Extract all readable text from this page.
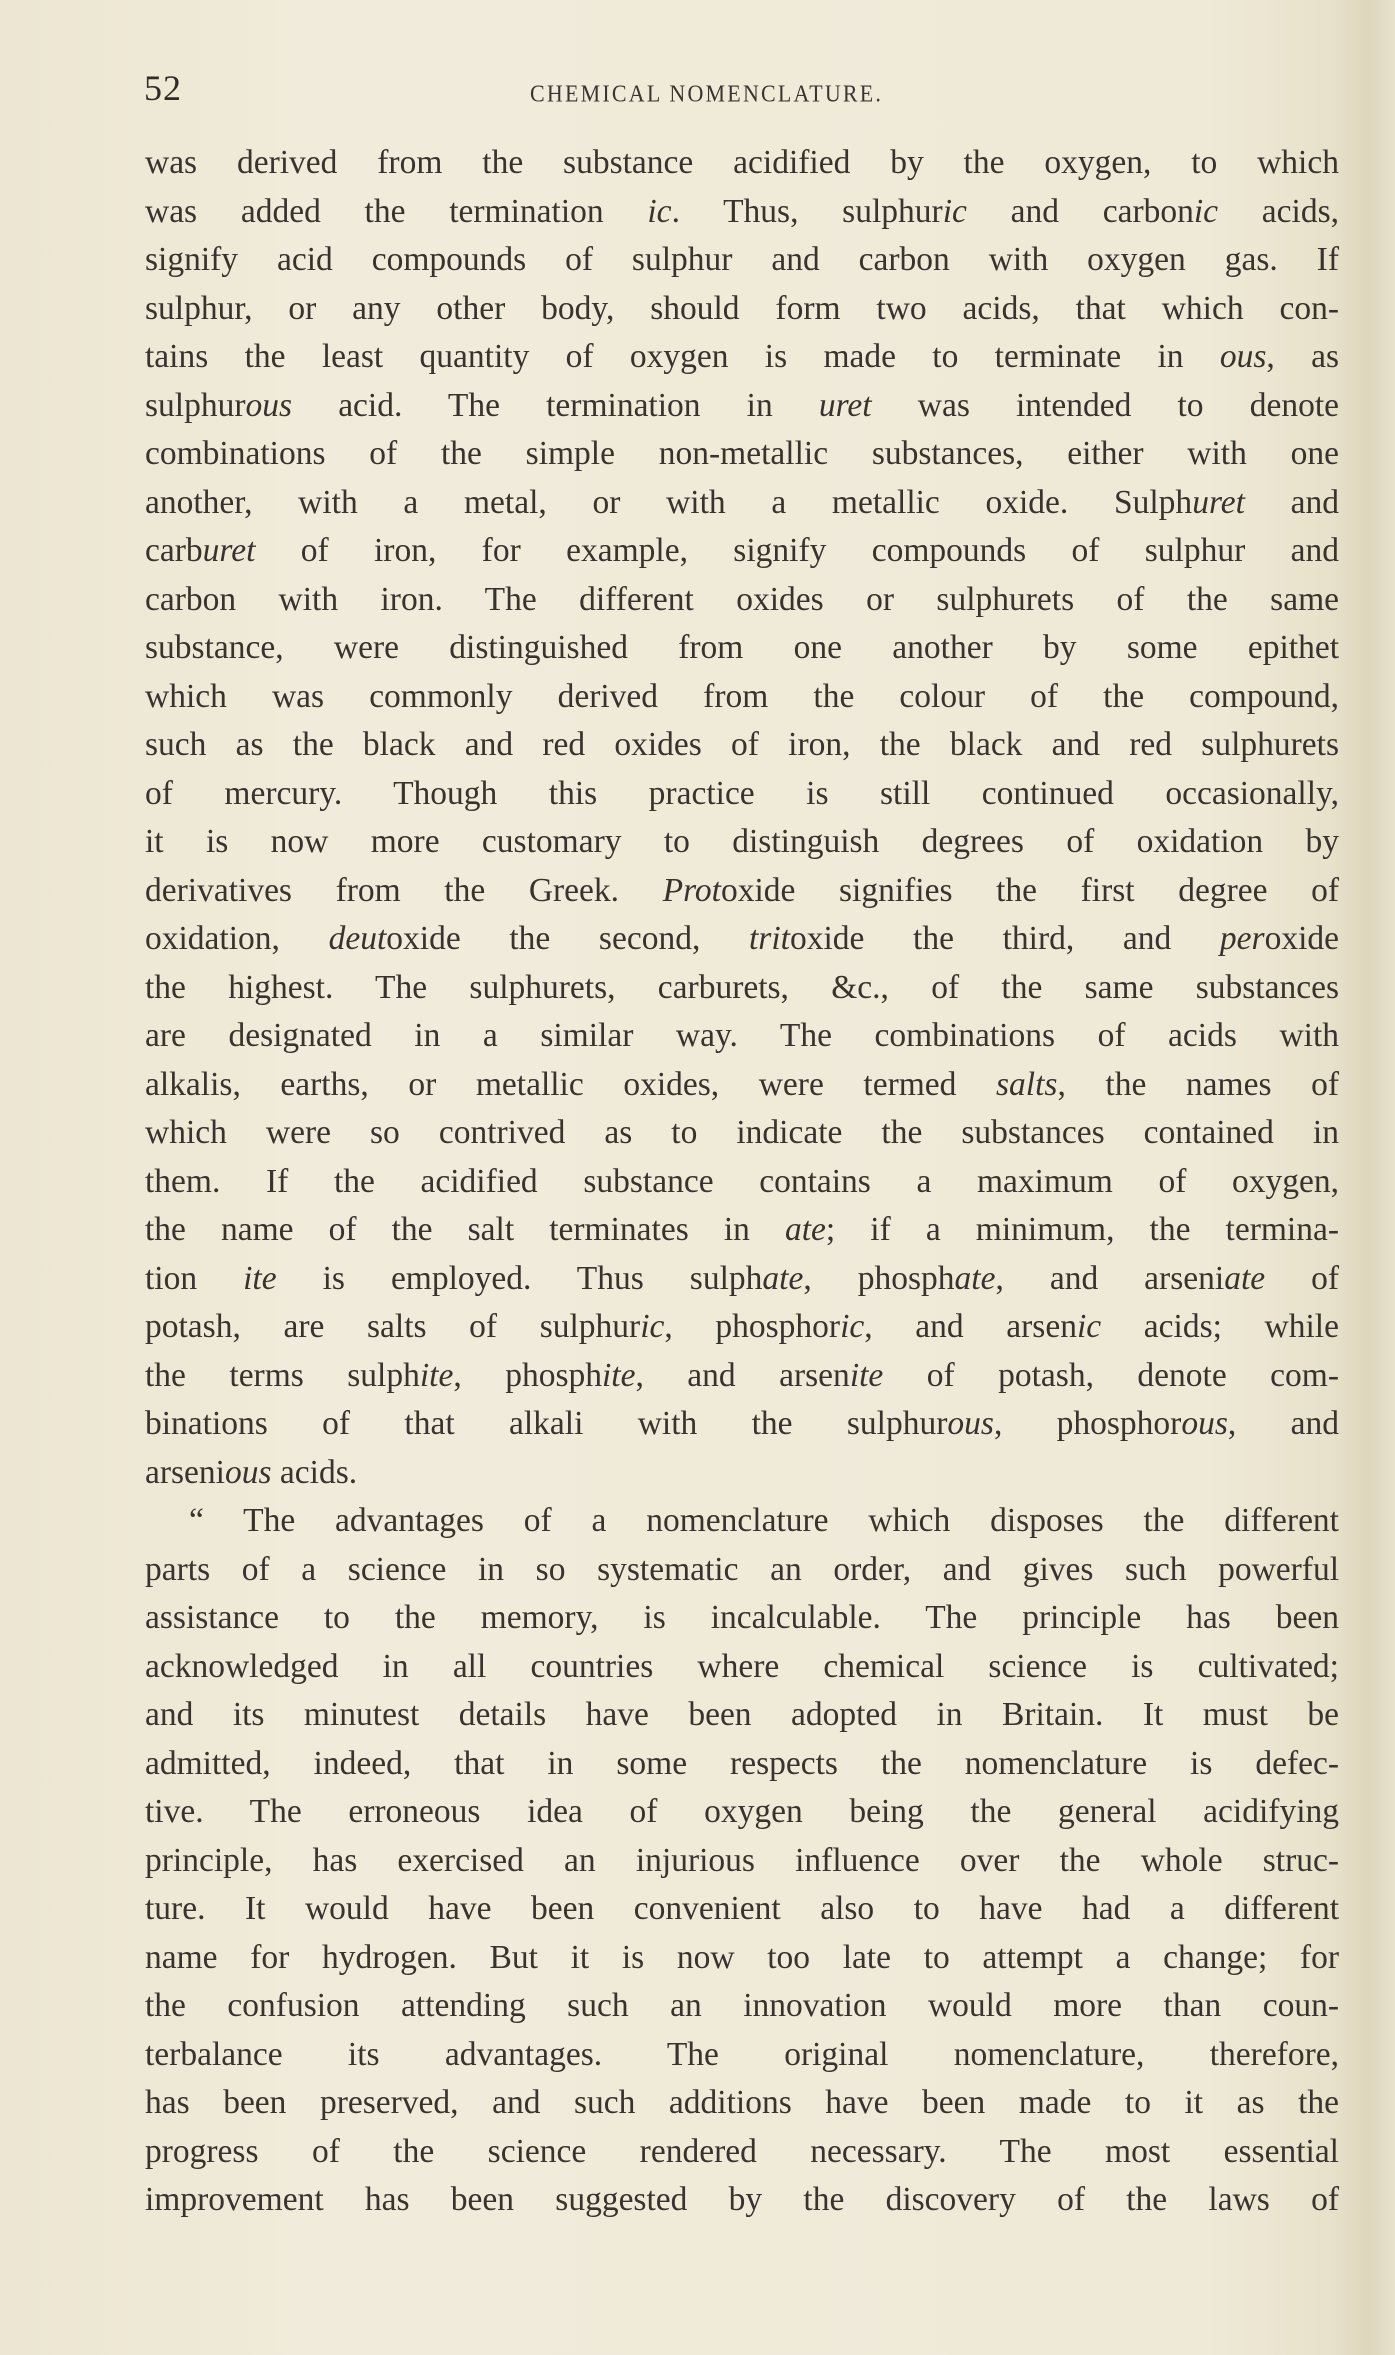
52	CHEMICAL NOMENCLATURE.
was derived from the substance acidified by the oxygen, to which
was added the termination ic. Thus, sulphuric and carbonic acids,
signify acid compounds of sulphur and carbon with oxygen gas. If
sulphur, or any other body, should form two acids, that which con-
tains the least quantity of oxygen is made to terminate in ous, as
sulphurous acid. The termination in uret was intended to denote
combinations of the simple non-metallic substances, either with one
another, with a metal, or with a metallic oxide. Sulphuret and
carburet of iron, for example, signify compounds of sulphur and
carbon with iron. The different oxides or sulphurets of the same
substance, were distinguished from one another by some epithet
which was commonly derived from the colour of the compound,
such as the black and red oxides of iron, the black and red sulphurets
of mercury. Though this practice is still continued occasionally,
it is now more customary to distinguish degrees of oxidation by
derivatives from the Greek. Protoxide signifies the first degree of
oxidation, deutoxide the second, tritoxide the third, and peroxide
the highest. The sulphurets, carburets, &c., of the same substances
are designated in a similar way. The combinations of acids with
alkalis, earths, or metallic oxides, were termed salts, the names of
which were so contrived as to indicate the substances contained in
them. If the acidified substance contains a maximum of oxygen,
the name of the salt terminates in ate; if a minimum, the termina-
tion ite is employed. Thus sulphate, phosphate, and arseniate of
potash, are salts of sulphuric, phosphoric, and arsenic acids; while
the terms sulphite, phosphite, and arsenite of potash, denote com-
binations of that alkali with the sulphurous, phosphorous, and
arsenious acids.
“ The advantages of a nomenclature which disposes the different
parts of a science in so systematic an order, and gives such powerful
assistance to the memory, is incalculable. The principle has been
acknowledged in all countries where chemical science is cultivated;
and its minutest details have been adopted in Britain. It must be
admitted, indeed, that in some respects the nomenclature is defec-
tive. The erroneous idea of oxygen being the general acidifying
principle, has exercised an injurious influence over the whole struc-
ture. It would have been convenient also to have had a different
name for hydrogen. But it is now too late to attempt a change; for
the confusion attending such an innovation would more than coun-
terbalance its advantages. The original nomenclature, therefore,
has been preserved, and such additions have been made to it as the
progress of the science rendered necessary. The most essential
improvement has been suggested by the discovery of the laws of
